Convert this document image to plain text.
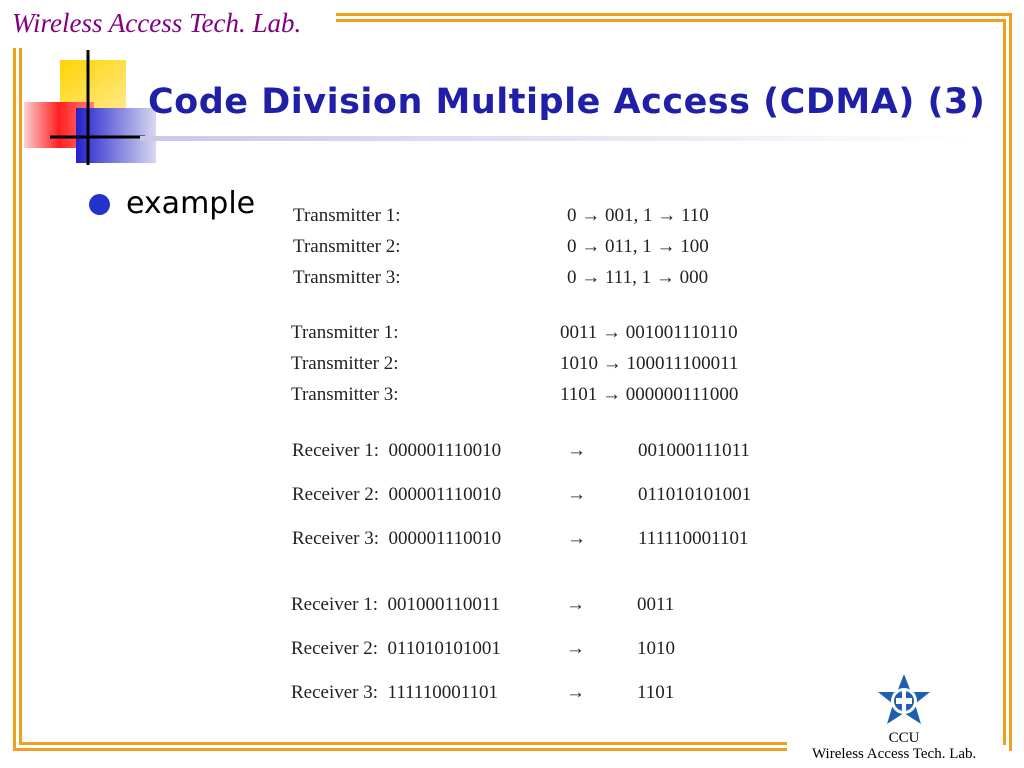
Wireless Access Tech. Lab.
Code Division Multiple Access (CDMA) (3)
example Transmitter 1:	0 → 001, 1 → 110
Transmitter 2:	0 → 011, 1 → 100
Transmitter 3:	0 → 111, 1 → 000
Transmitter 1:	0011 → 001001110110
Transmitter 2:	1010 → 100011100011
Transmitter 3:	1101 → 000000111000
Receiver 1:  000001110010	→	001000111011
Receiver 2:  000001110010	→	011010101001
Receiver 3:  000001110010	→	111110001101
Receiver 1:  001000110011	→	0011
Receiver 2:  011010101001	→	1010
Receiver 3:  111110001101	→	1101
CCU
Wireless Access Tech. Lab.
